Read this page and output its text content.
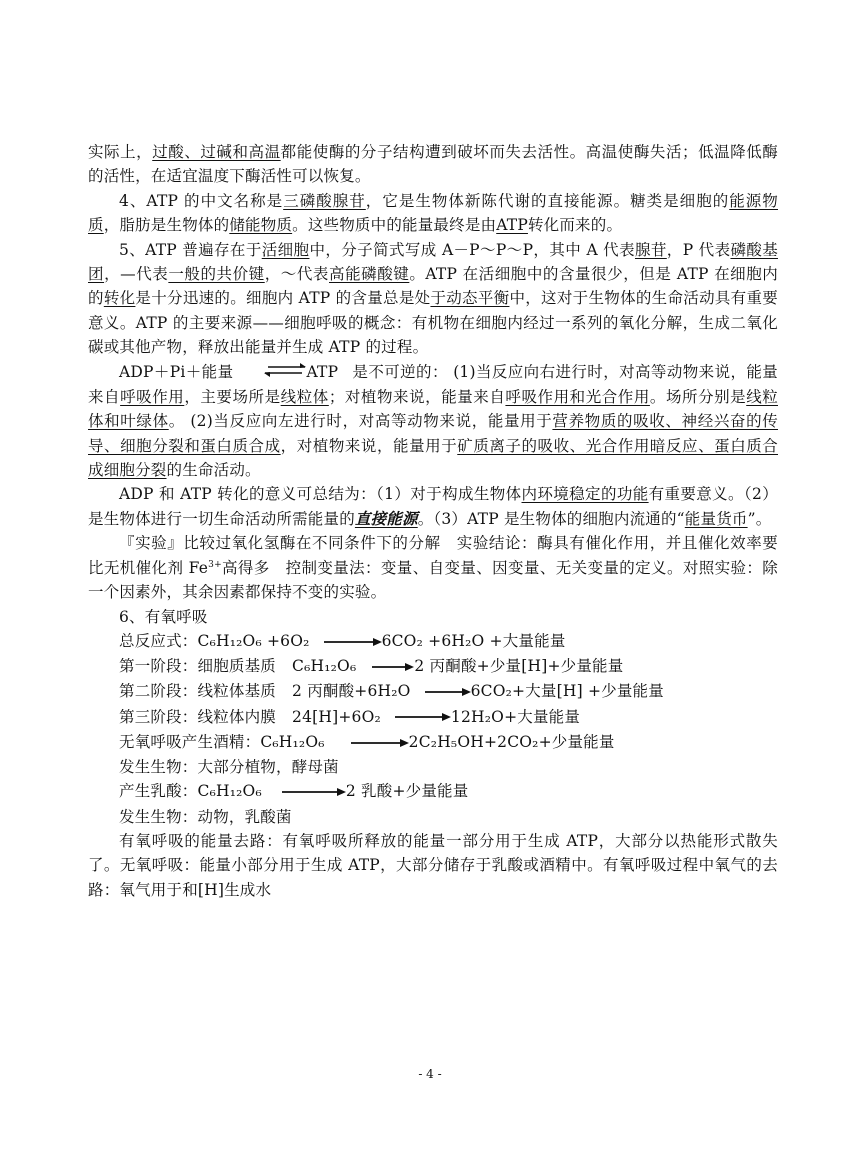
实际上，过酸、过碱和高温都能使酶的分子结构遭到破坏而失去活性。高温使酶失活；低温降低酶的活性，在适宜温度下酶活性可以恢复。

4、ATP 的中文名称是三磷酸腺苷，它是生物体新陈代谢的直接能源。糖类是细胞的能源物质，脂肪是生物体的储能物质。这些物质中的能量最终是由ATP转化而来的。

5、ATP 普遍存在于活细胞中，分子简式写成 A－P～P～P，其中 A 代表腺苷，P 代表磷酸基团，—代表一般的共价键，～代表高能磷酸键。ATP 在活细胞中的含量很少，但是 ATP 在细胞内的转化是十分迅速的。细胞内 ATP 的含量总是处于动态平衡中，这对于生物体的生命活动具有重要意义。ATP 的主要来源——细胞呼吸的概念：有机物在细胞内经过一系列的氧化分解，生成二氧化碳或其他产物，释放出能量并生成 ATP 的过程。

ADP＋Pi＋能量	ATP 是不可逆的： (1)当反应向右进行时，对高等动物来说，能量来自呼吸作用，主要场所是线粒体；对植物来说，能量来自呼吸作用和光合作用。场所分别是线粒体和叶绿体。 (2)当反应向左进行时，对高等动物来说，能量用于营养物质的吸收、神经兴奋的传导、细胞分裂和蛋白质合成，对植物来说，能量用于矿质离子的吸收、光合作用暗反应、蛋白质合成细胞分裂的生命活动。

ADP 和 ATP 转化的意义可总结为：（1）对于构成生物体内环境稳定的功能有重要意义。（2）是生物体进行一切生命活动所需能量的直接能源。（3）ATP 是生物体的细胞内流通的“能量货币”。

『实验』比较过氧化氢酶在不同条件下的分解　实验结论：酶具有催化作用，并且催化效率要比无机催化剂 $Fe^{3+}$高得多　控制变量法：变量、自变量、因变量、无关变量的定义。对照实验：除一个因素外，其余因素都保持不变的实验。

6、有氧呼吸

总反应式：C₆H₁₂O₆ +6O₂	6CO₂ +6H₂O +大量能量

第一阶段：细胞质基质 C₆H₁₂O₆	2 丙酮酸+少量[H]+少量能量

第二阶段：线粒体基质 2 丙酮酸+6H₂O	6CO₂+大量[H] +少量能量

第三阶段：线粒体内膜 24[H]+6O₂	12H₂O+大量能量

无氧呼吸产生酒精：C₆H₁₂O₆	2C₂H₅OH+2CO₂+少量能量

发生生物：大部分植物，酵母菌

产生乳酸：C₆H₁₂O₆	2 乳酸+少量能量

发生生物：动物，乳酸菌

有氧呼吸的能量去路：有氧呼吸所释放的能量一部分用于生成 ATP，大部分以热能形式散失了。无氧呼吸：能量小部分用于生成 ATP，大部分储存于乳酸或酒精中。有氧呼吸过程中氧气的去路：氧气用于和[H]生成水

- 4 -
